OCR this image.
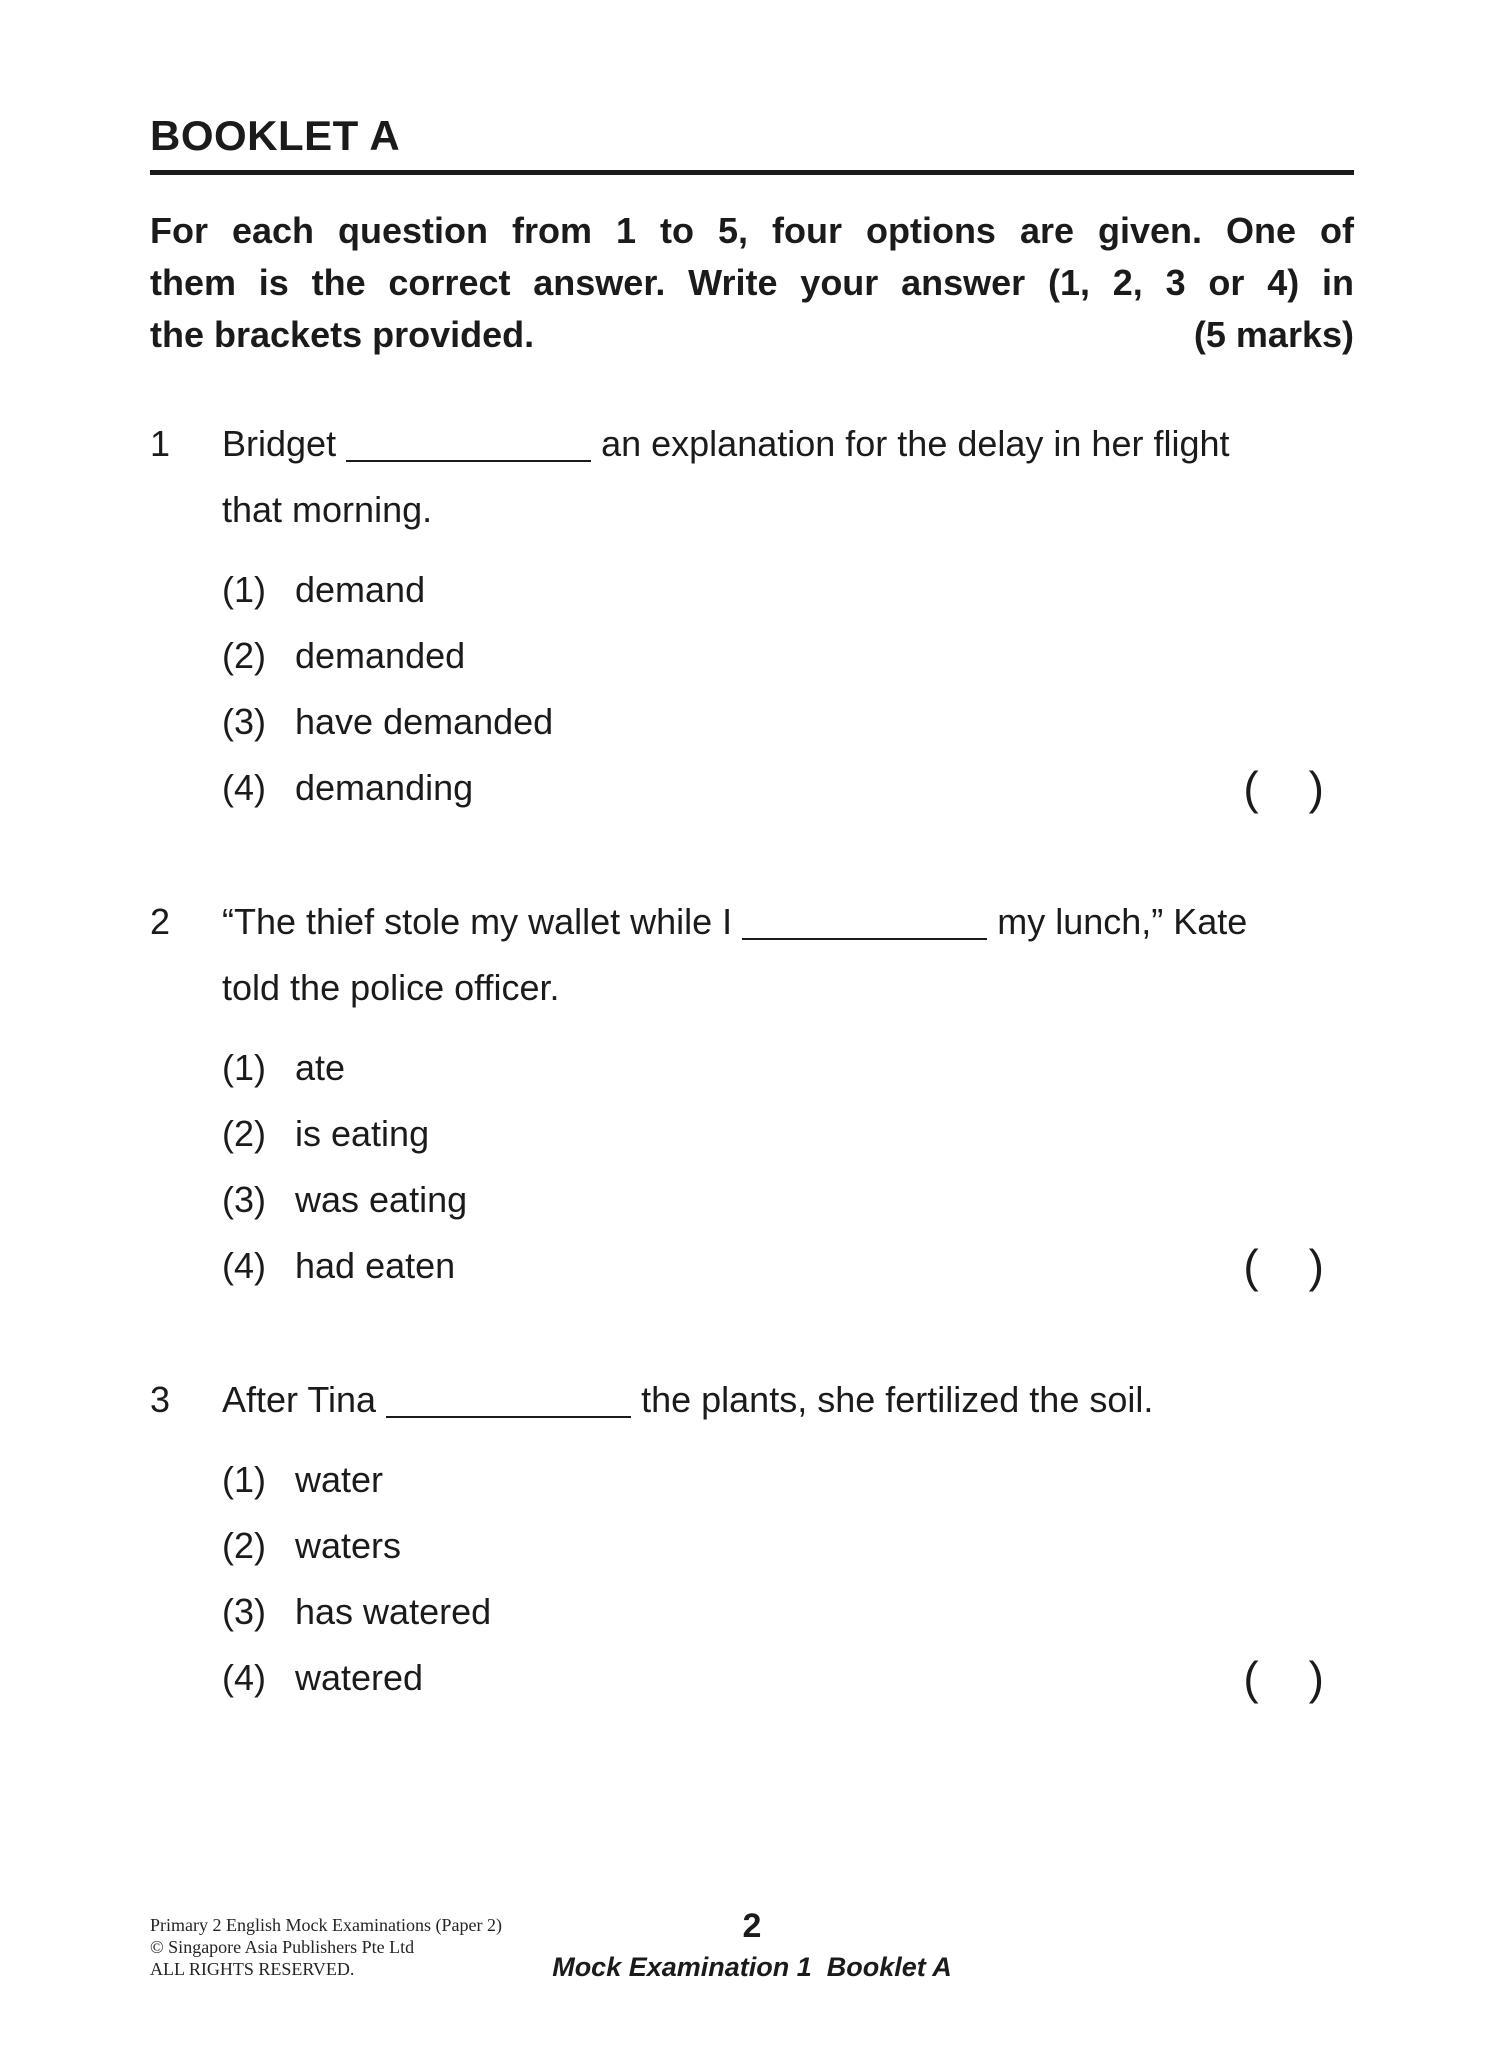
BOOKLET A
For each question from 1 to 5, four options are given. One of
them is the correct answer. Write your answer (1, 2, 3 or 4) in
the brackets provided.	(5 marks)
1	Bridget	an explanation for the delay in her flight
that morning.
(1) demand
(2) demanded
(3) have demanded
(4) demanding	( )
2	“The thief stole my wallet while I	my lunch,” Kate
told the police officer.
(1) ate
(2) is eating
(3) was eating
(4) had eaten	( )
3	After Tina	the plants, she fertilized the soil.
(1) water
(2) waters
(3) has watered
(4) watered	( )
Primary 2 English Mock Examinations (Paper 2)
© Singapore Asia Publishers Pte Ltd
ALL RIGHTS RESERVED.
2
Mock Examination 1  Booklet A
